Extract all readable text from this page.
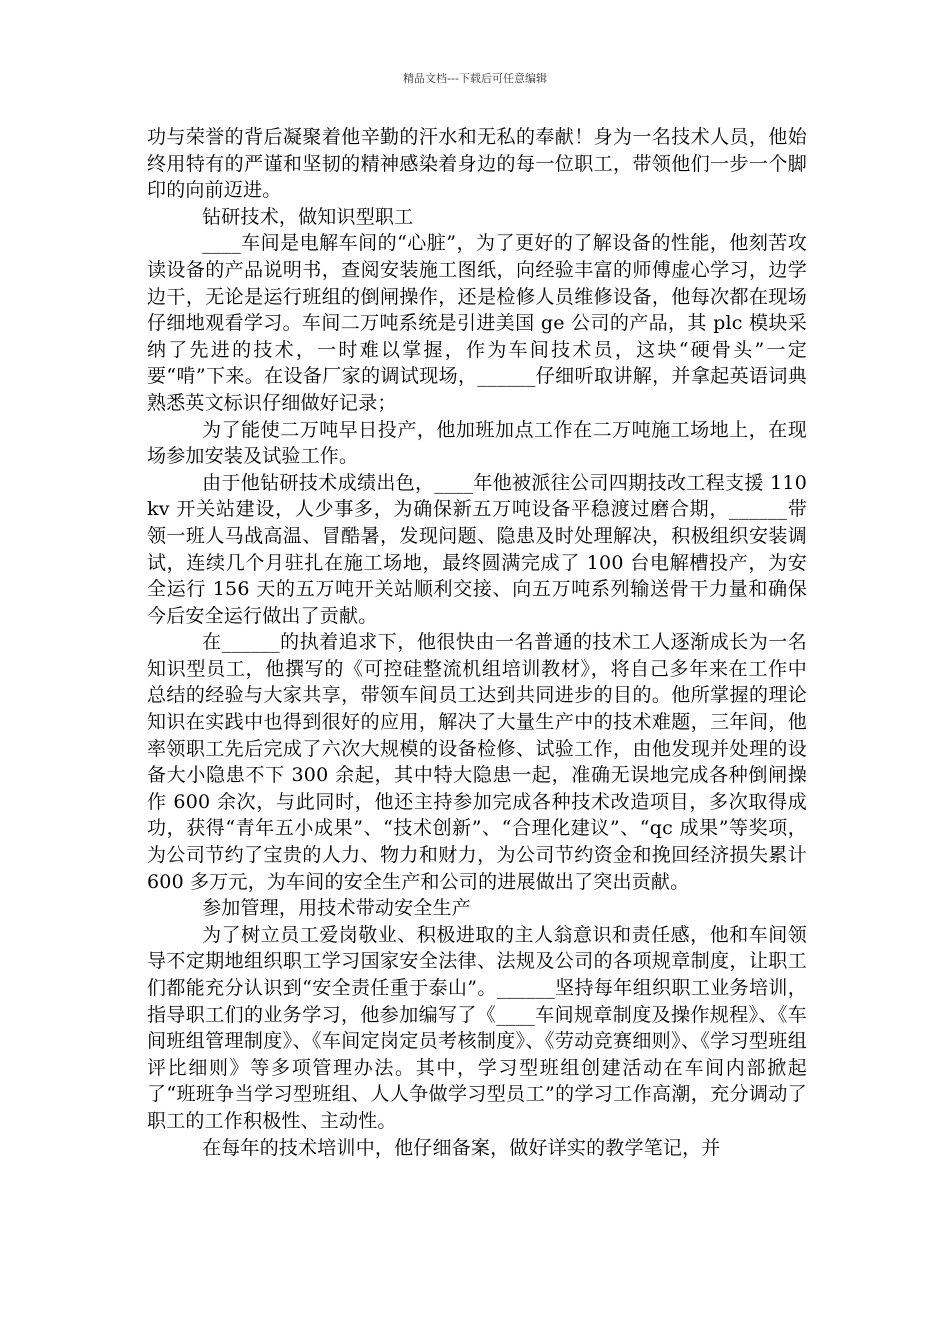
精品文档---下载后可任意编辑

功与荣誉的背后凝聚着他辛勤的汗水和无私的奉献！身为一名技术人员，他始终用特有的严谨和坚韧的精神感染着身边的每一位职工，带领他们一步一个脚印的向前迈进。

钻研技术，做知识型职工

____车间是电解车间的“心脏”，为了更好的了解设备的性能，他刻苦攻读设备的产品说明书，查阅安装施工图纸，向经验丰富的师傅虚心学习，边学边干，无论是运行班组的倒闸操作，还是检修人员维修设备，他每次都在现场仔细地观看学习。车间二万吨系统是引进美国 ge 公司的产品，其 plc 模块采纳了先进的技术，一时难以掌握，作为车间技术员，这块“硬骨头”一定要“啃”下来。在设备厂家的调试现场，______仔细听取讲解，并拿起英语词典熟悉英文标识仔细做好记录；

为了能使二万吨早日投产，他加班加点工作在二万吨施工场地上，在现场参加安装及试验工作。

由于他钻研技术成绩出色，____年他被派往公司四期技改工程支援 110kv 开关站建设，人少事多，为确保新五万吨设备平稳渡过磨合期，______带领一班人马战高温、冒酷暑，发现问题、隐患及时处理解决，积极组织安装调试，连续几个月驻扎在施工场地，最终圆满完成了 100 台电解槽投产，为安全运行 156 天的五万吨开关站顺利交接、向五万吨系列输送骨干力量和确保今后安全运行做出了贡献。

在______的执着追求下，他很快由一名普通的技术工人逐渐成长为一名知识型员工，他撰写的《可控硅整流机组培训教材》，将自己多年来在工作中总结的经验与大家共享，带领车间员工达到共同进步的目的。他所掌握的理论知识在实践中也得到很好的应用，解决了大量生产中的技术难题，三年间，他率领职工先后完成了六次大规模的设备检修、试验工作，由他发现并处理的设备大小隐患不下 300 余起，其中特大隐患一起，准确无误地完成各种倒闸操作 600 余次，与此同时，他还主持参加完成各种技术改造项目，多次取得成功，获得“青年五小成果”、“技术创新”、“合理化建议”、“qc 成果”等奖项，为公司节约了宝贵的人力、物力和财力，为公司节约资金和挽回经济损失累计 600 多万元，为车间的安全生产和公司的进展做出了突出贡献。

参加管理，用技术带动安全生产

为了树立员工爱岗敬业、积极进取的主人翁意识和责任感，他和车间领导不定期地组织职工学习国家安全法律、法规及公司的各项规章制度，让职工们都能充分认识到“安全责任重于泰山”。______坚持每年组织职工业务培训，指导职工们的业务学习，他参加编写了《____车间规章制度及操作规程》、《车间班组管理制度》、《车间定岗定员考核制度》、《劳动竞赛细则》、《学习型班组评比细则》等多项管理办法。其中，学习型班组创建活动在车间内部掀起了“班班争当学习型班组、人人争做学习型员工”的学习工作高潮，充分调动了职工的工作积极性、主动性。

在每年的技术培训中，他仔细备案，做好详实的教学笔记，并
